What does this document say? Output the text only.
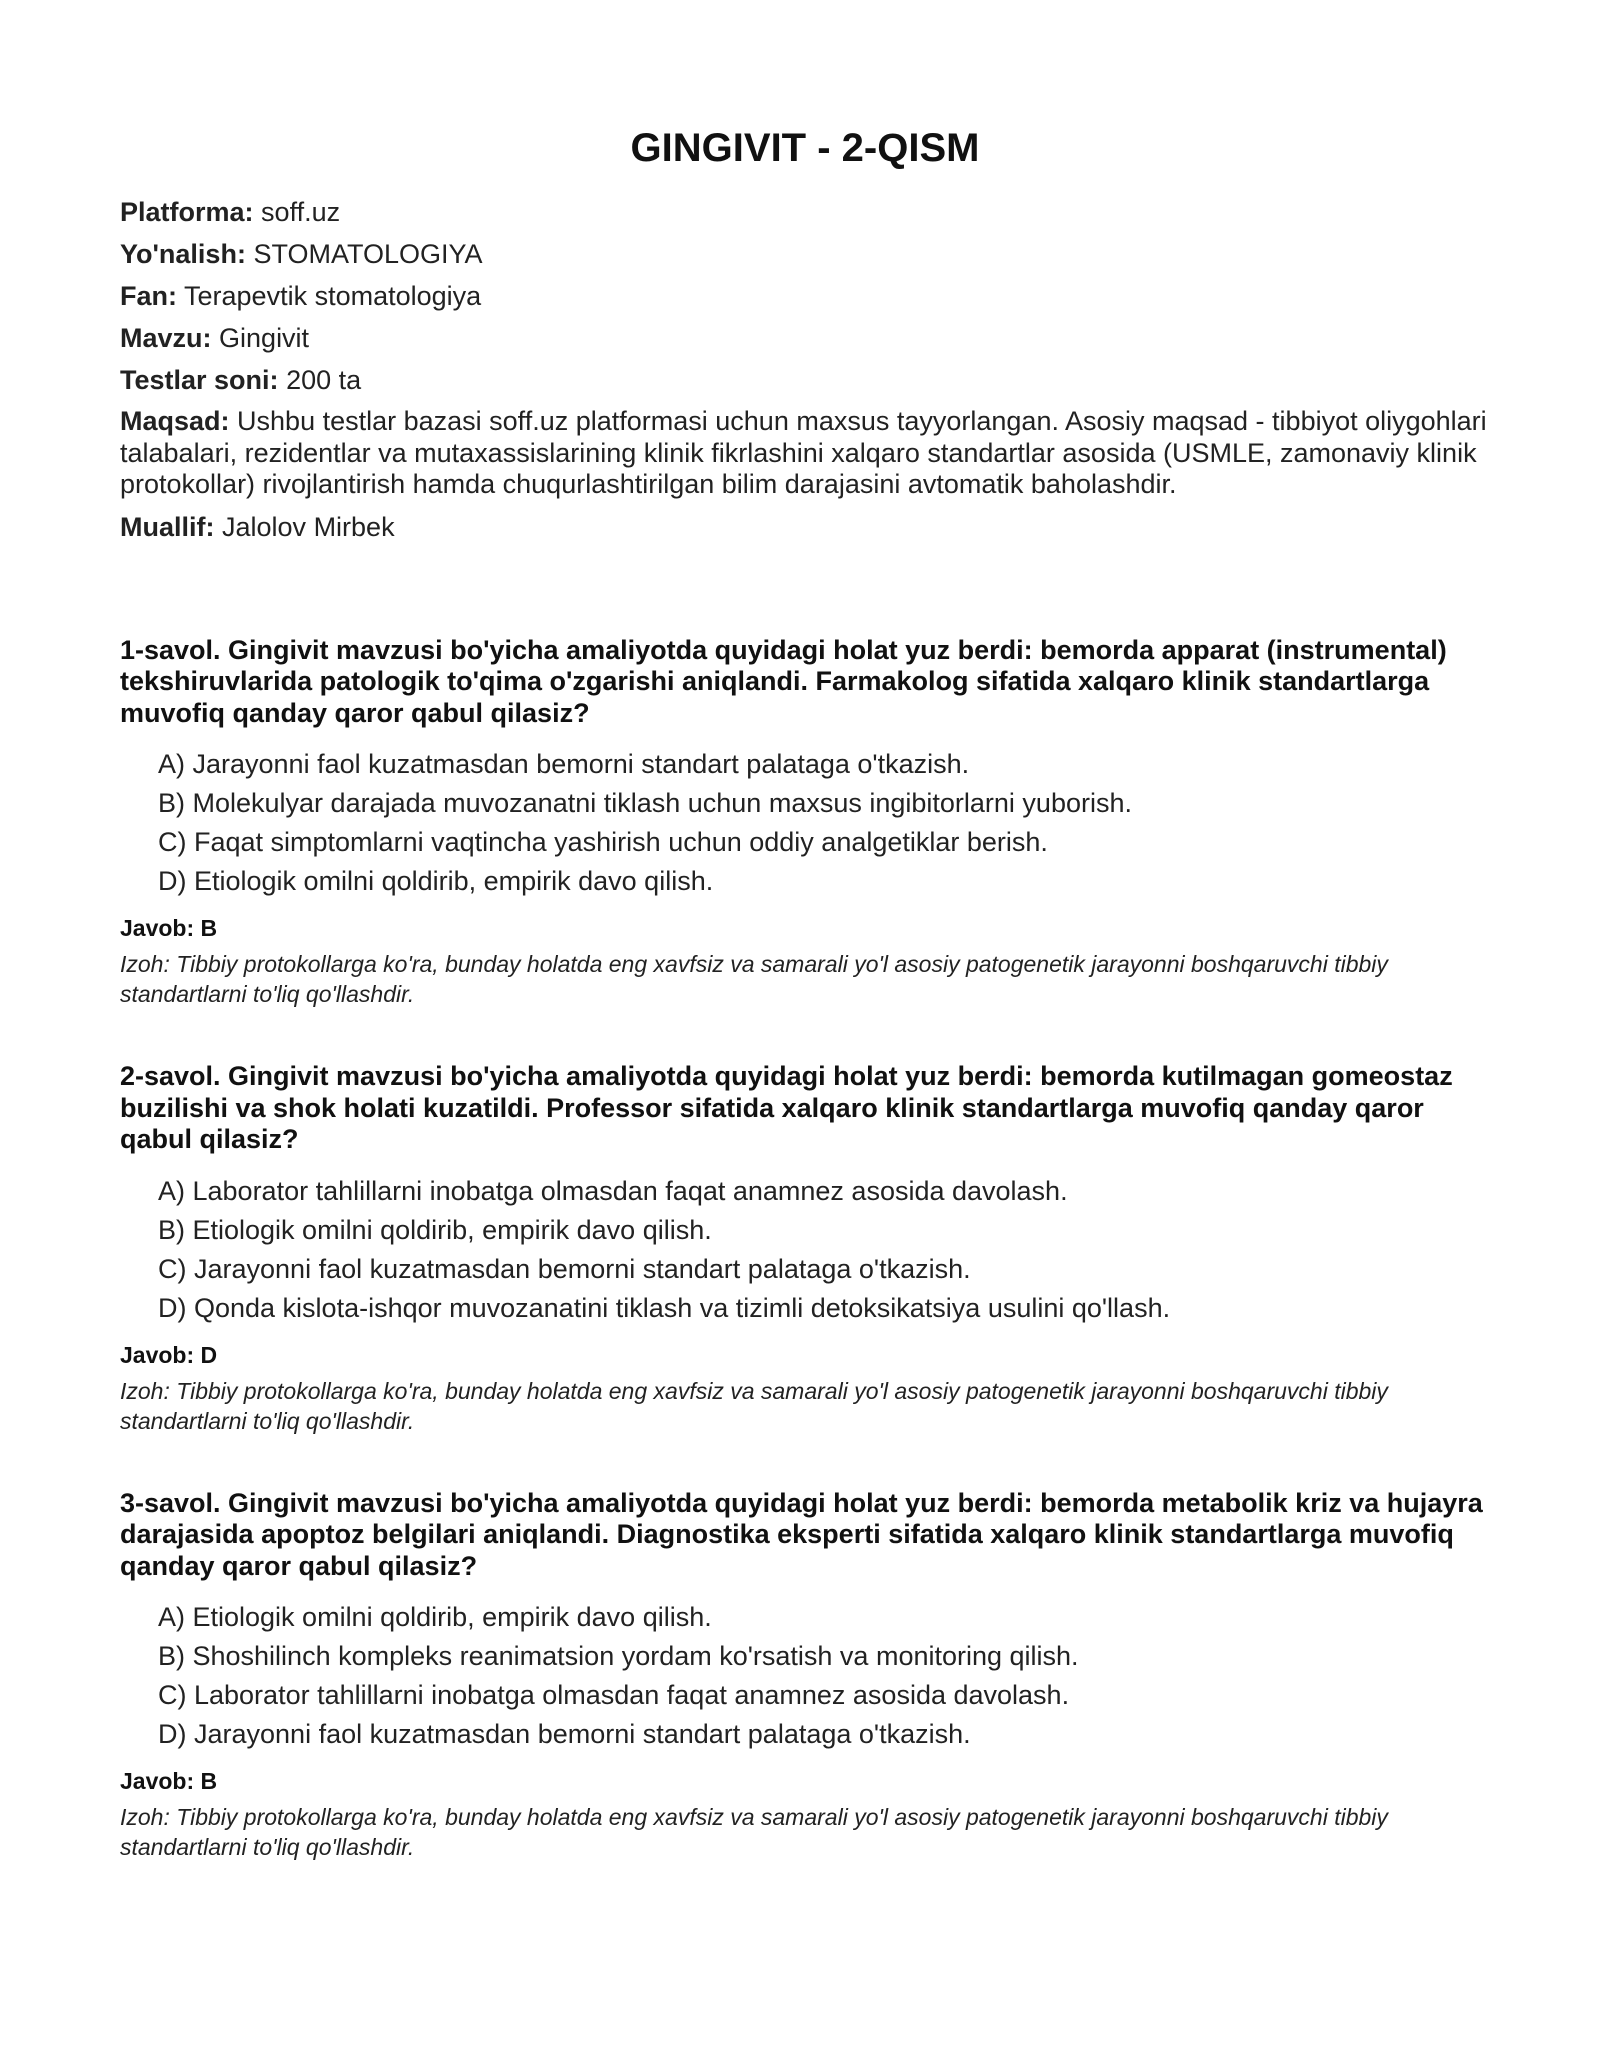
GINGIVIT - 2-QISM
Platforma: soff.uz
Yo'nalish: STOMATOLOGIYA
Fan: Terapevtik stomatologiya
Mavzu: Gingivit
Testlar soni: 200 ta
Maqsad: Ushbu testlar bazasi soff.uz platformasi uchun maxsus tayyorlangan. Asosiy maqsad - tibbiyot oliygohlari talabalari, rezidentlar va mutaxassislarining klinik fikrlashini xalqaro standartlar asosida (USMLE, zamonaviy klinik protokollar) rivojlantirish hamda chuqurlashtirilgan bilim darajasini avtomatik baholashdir.
Muallif: Jalolov Mirbek

1-savol. Gingivit mavzusi bo'yicha amaliyotda quyidagi holat yuz berdi: bemorda apparat (instrumental) tekshiruvlarida patologik to'qima o'zgarishi aniqlandi. Farmakolog sifatida xalqaro klinik standartlarga muvofiq qanday qaror qabul qilasiz?

A) Jarayonni faol kuzatmasdan bemorni standart palataga o'tkazish.
B) Molekulyar darajada muvozanatni tiklash uchun maxsus ingibitorlarni yuborish.
C) Faqat simptomlarni vaqtincha yashirish uchun oddiy analgetiklar berish.
D) Etiologik omilni qoldirib, empirik davo qilish.
Javob: B
Izoh: Tibbiy protokollarga ko'ra, bunday holatda eng xavfsiz va samarali yo'l asosiy patogenetik jarayonni boshqaruvchi tibbiy standartlarni to'liq qo'llashdir.

2-savol. Gingivit mavzusi bo'yicha amaliyotda quyidagi holat yuz berdi: bemorda kutilmagan gomeostaz buzilishi va shok holati kuzatildi. Professor sifatida xalqaro klinik standartlarga muvofiq qanday qaror qabul qilasiz?

A) Laborator tahlillarni inobatga olmasdan faqat anamnez asosida davolash.
B) Etiologik omilni qoldirib, empirik davo qilish.
C) Jarayonni faol kuzatmasdan bemorni standart palataga o'tkazish.
D) Qonda kislota-ishqor muvozanatini tiklash va tizimli detoksikatsiya usulini qo'llash.
Javob: D
Izoh: Tibbiy protokollarga ko'ra, bunday holatda eng xavfsiz va samarali yo'l asosiy patogenetik jarayonni boshqaruvchi tibbiy standartlarni to'liq qo'llashdir.

3-savol. Gingivit mavzusi bo'yicha amaliyotda quyidagi holat yuz berdi: bemorda metabolik kriz va hujayra darajasida apoptoz belgilari aniqlandi. Diagnostika eksperti sifatida xalqaro klinik standartlarga muvofiq qanday qaror qabul qilasiz?

A) Etiologik omilni qoldirib, empirik davo qilish.
B) Shoshilinch kompleks reanimatsion yordam ko'rsatish va monitoring qilish.
C) Laborator tahlillarni inobatga olmasdan faqat anamnez asosida davolash.
D) Jarayonni faol kuzatmasdan bemorni standart palataga o'tkazish.
Javob: B
Izoh: Tibbiy protokollarga ko'ra, bunday holatda eng xavfsiz va samarali yo'l asosiy patogenetik jarayonni boshqaruvchi tibbiy standartlarni to'liq qo'llashdir.
